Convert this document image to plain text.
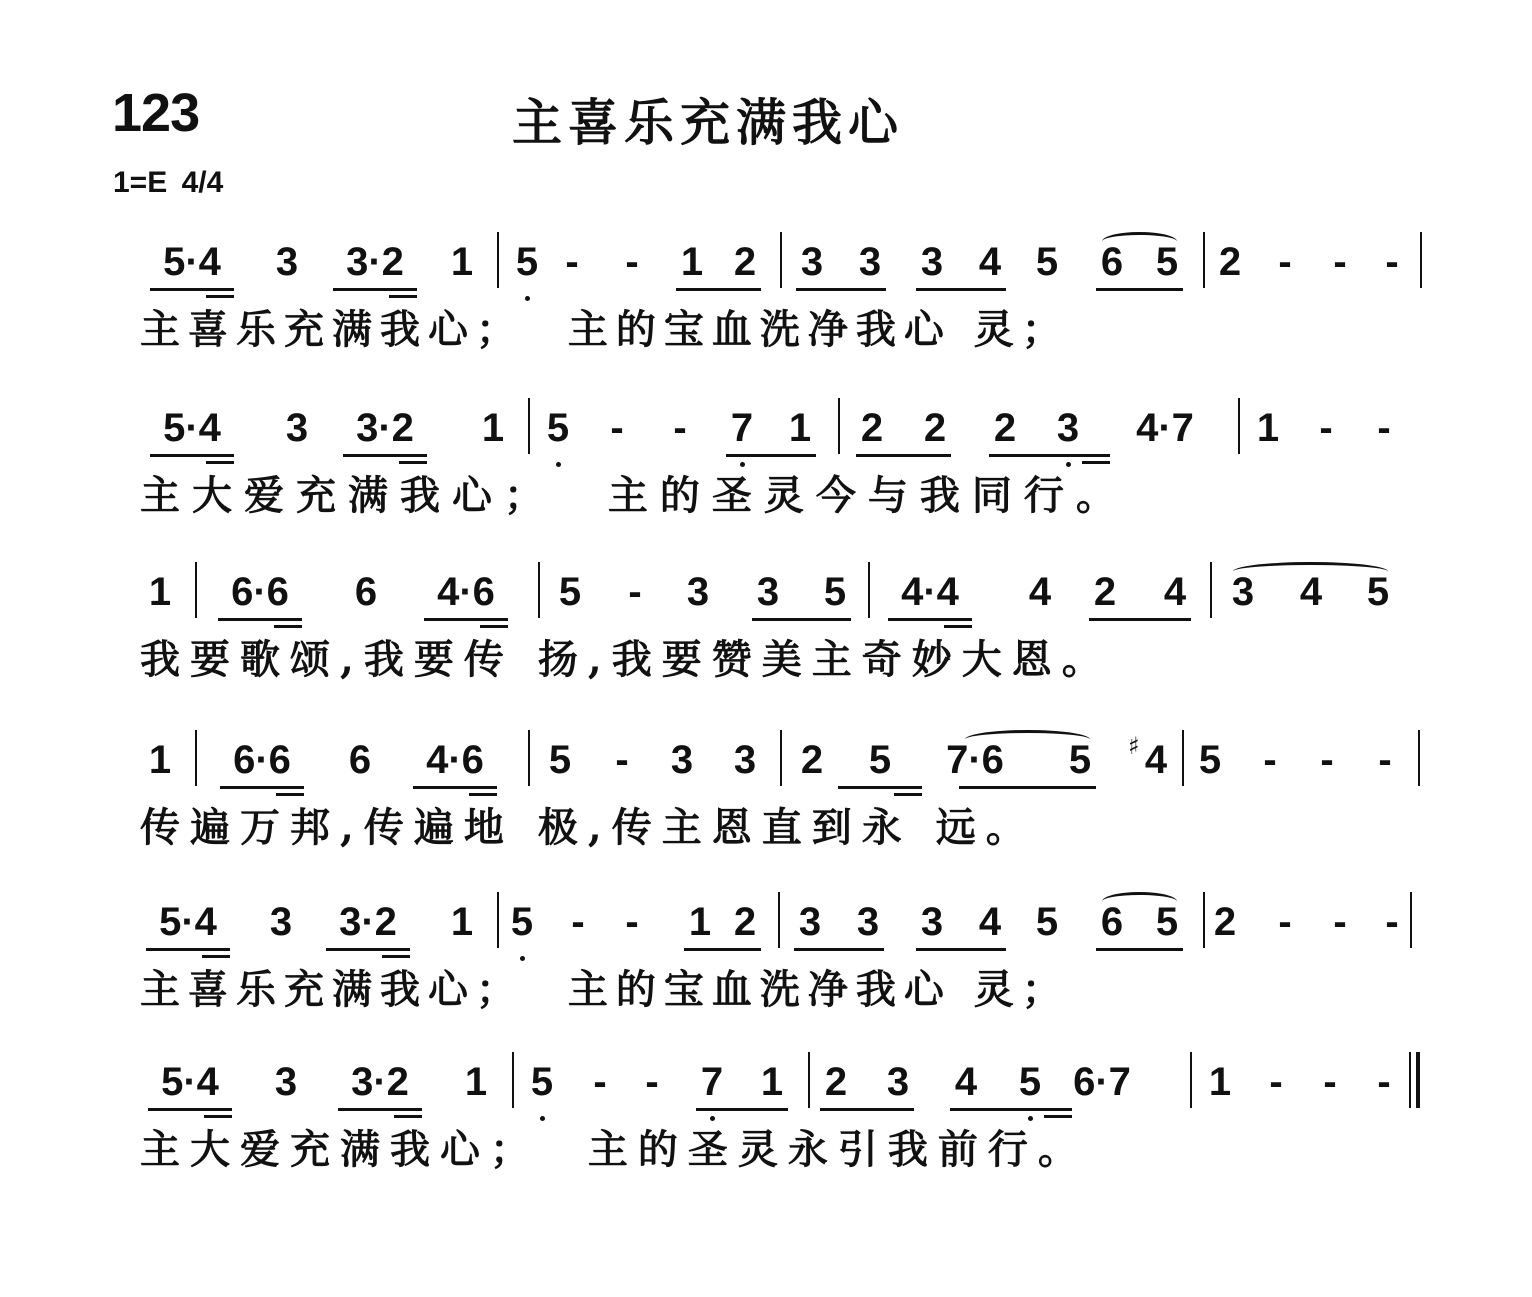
123	主喜乐充满我心
1=E 4/4
5·4	3	3·2	1 5 - - 1 2 3 3 3 4 5 6 5 2 - - -
主喜乐充满我心；  主的宝血洗净我心 灵；
5·4	3	3·2	1 5 - - 7 1 2 2 2 3	4·7	1 - -
主大爱充满我心；  主的圣灵今与我同行。
1	6·6	6	4·6	5 - 3 3 5	4·4	4 2 4 3 4 5
我要歌颂,我要传 扬,我要赞美主奇妙大恩。
1	6·6	6	4·6	5 - 3 3 2 5	7·6	5 ♯ 4 5 - - -
传遍万邦,传遍地 极,传主恩直到永 远。
5·4	3	3·2	1 5 - - 1 2 3 3 3 4 5 6 5 2 - - -
主喜乐充满我心；  主的宝血洗净我心 灵；
5·4	3	3·2	1 5 - - 7 1 2 3 4 5 6·7	1 - - -
主大爱充满我心；  主的圣灵永引我前行。
